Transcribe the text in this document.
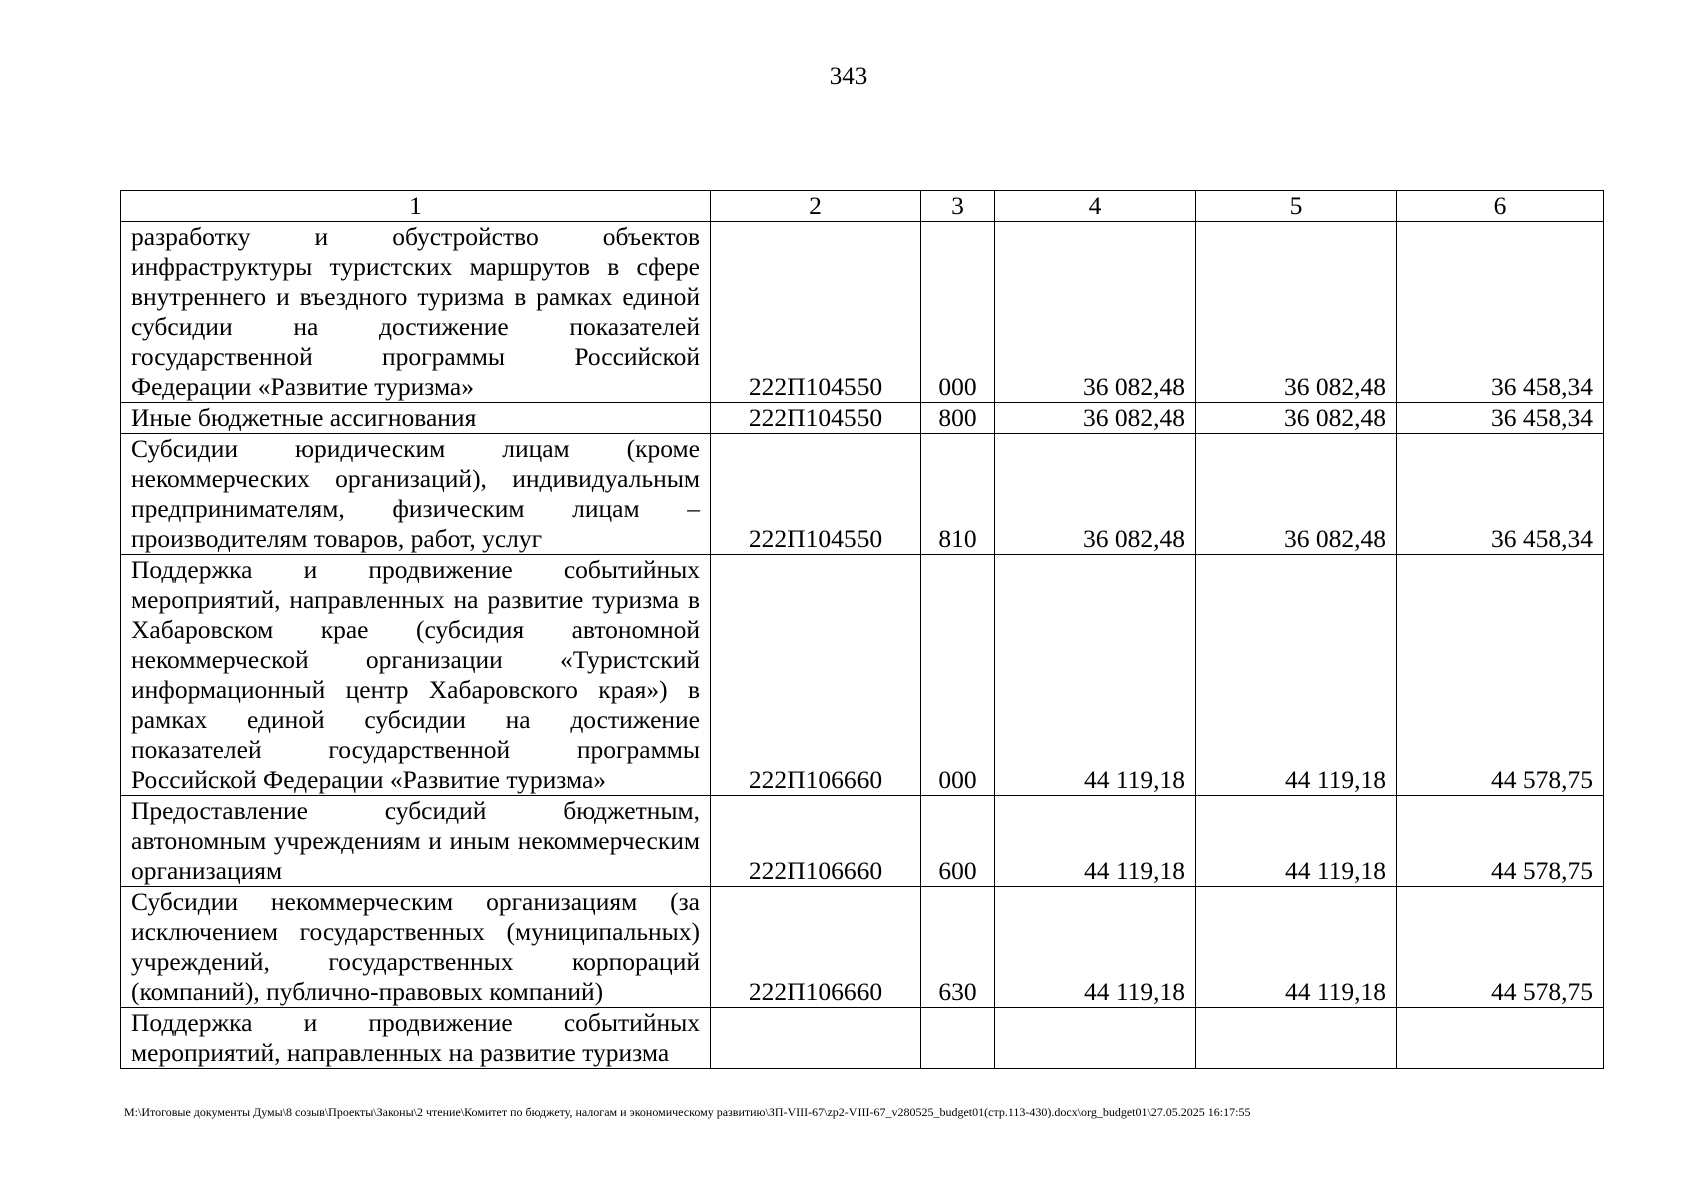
343
1	2	3	4	5	6

разработку и обустройство объектов инфраструктуры туристских маршрутов в сфере внутреннего и въездного туризма в рамках единой субсидии на достижение показателей государственной программы Российской Федерации «Развитие туризма»	222П104550	000	36 082,48	36 082,48	36 458,34

Иные бюджетные ассигнования	222П104550	800	36 082,48	36 082,48	36 458,34

Субсидии юридическим лицам (кроме некоммерческих организаций), индивидуальным предпринимателям, физическим лицам – производителям товаров, работ, услуг	222П104550	810	36 082,48	36 082,48	36 458,34

Поддержка и продвижение событийных мероприятий, направленных на развитие туризма в Хабаровском крае (субсидия автономной некоммерческой организации «Туристский информационный центр Хабаровского края») в рамках единой субсидии на достижение показателей государственной программы Российской Федерации «Развитие туризма»	222П106660	000	44 119,18	44 119,18	44 578,75

Предоставление субсидий бюджетным, автономным учреждениям и иным некоммерческим организациям	222П106660	600	44 119,18	44 119,18	44 578,75

Субсидии некоммерческим организациям (за исключением государственных (муниципальных) учреждений, государственных корпораций (компаний), публично-правовых компаний)	222П106660	630	44 119,18	44 119,18	44 578,75

Поддержка и продвижение событийных мероприятий, направленных на развитие туризма					

M:\Итоговые документы Думы\8 созыв\Проекты\Законы\2 чтение\Комитет по бюджету, налогам и экономическому развитию\ЗП-VIII-67\zp2-VIII-67_v280525_budget01(стр.113-430).docx\org_budget01\27.05.2025 16:17:55
